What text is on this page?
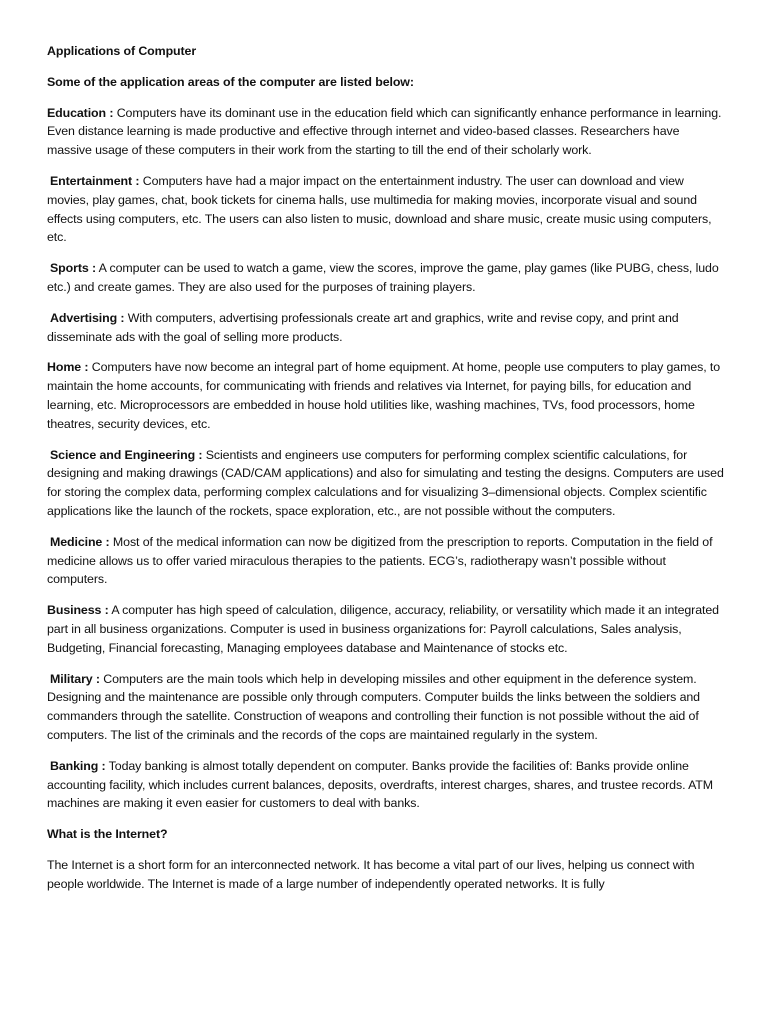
Applications of Computer

Some of the application areas of the computer are listed below:

Education : Computers have its dominant use in the education field which can significantly enhance performance in learning. Even distance learning is made productive and effective through internet and video-based classes. Researchers have massive usage of these computers in their work from the starting to till the end of their scholarly work.

Entertainment : Computers have had a major impact on the entertainment industry. The user can download and view movies, play games, chat, book tickets for cinema halls, use multimedia for making movies, incorporate visual and sound effects using computers, etc. The users can also listen to music, download and share music, create music using computers, etc.

Sports : A computer can be used to watch a game, view the scores, improve the game, play games (like PUBG, chess, ludo etc.) and create games. They are also used for the purposes of training players.

Advertising : With computers, advertising professionals create art and graphics, write and revise copy, and print and disseminate ads with the goal of selling more products.

Home : Computers have now become an integral part of home equipment. At home, people use computers to play games, to maintain the home accounts, for communicating with friends and relatives via Internet, for paying bills, for education and learning, etc. Microprocessors are embedded in house hold utilities like, washing machines, TVs, food processors, home theatres, security devices, etc.

Science and Engineering : Scientists and engineers use computers for performing complex scientific calculations, for designing and making drawings (CAD/CAM applications) and also for simulating and testing the designs. Computers are used for storing the complex data, performing complex calculations and for visualizing 3–dimensional objects. Complex scientific applications like the launch of the rockets, space exploration, etc., are not possible without the computers.

Medicine : Most of the medical information can now be digitized from the prescription to reports. Computation in the field of medicine allows us to offer varied miraculous therapies to the patients. ECG’s, radiotherapy wasn’t possible without computers.

Business : A computer has high speed of calculation, diligence, accuracy, reliability, or versatility which made it an integrated part in all business organizations. Computer is used in business organizations for: Payroll calculations, Sales analysis, Budgeting, Financial forecasting, Managing employees database and Maintenance of stocks etc.

Military : Computers are the main tools which help in developing missiles and other equipment in the deference system. Designing and the maintenance are possible only through computers. Computer builds the links between the soldiers and commanders through the satellite. Construction of weapons and controlling their function is not possible without the aid of computers. The list of the criminals and the records of the cops are maintained regularly in the system.

Banking : Today banking is almost totally dependent on computer. Banks provide the facilities of: Banks provide online accounting facility, which includes current balances, deposits, overdrafts, interest charges, shares, and trustee records. ATM machines are making it even easier for customers to deal with banks.

What is the Internet?

The Internet is a short form for an interconnected network. It has become a vital part of our lives, helping us connect with people worldwide. The Internet is made of a large number of independently operated networks. It is fully
